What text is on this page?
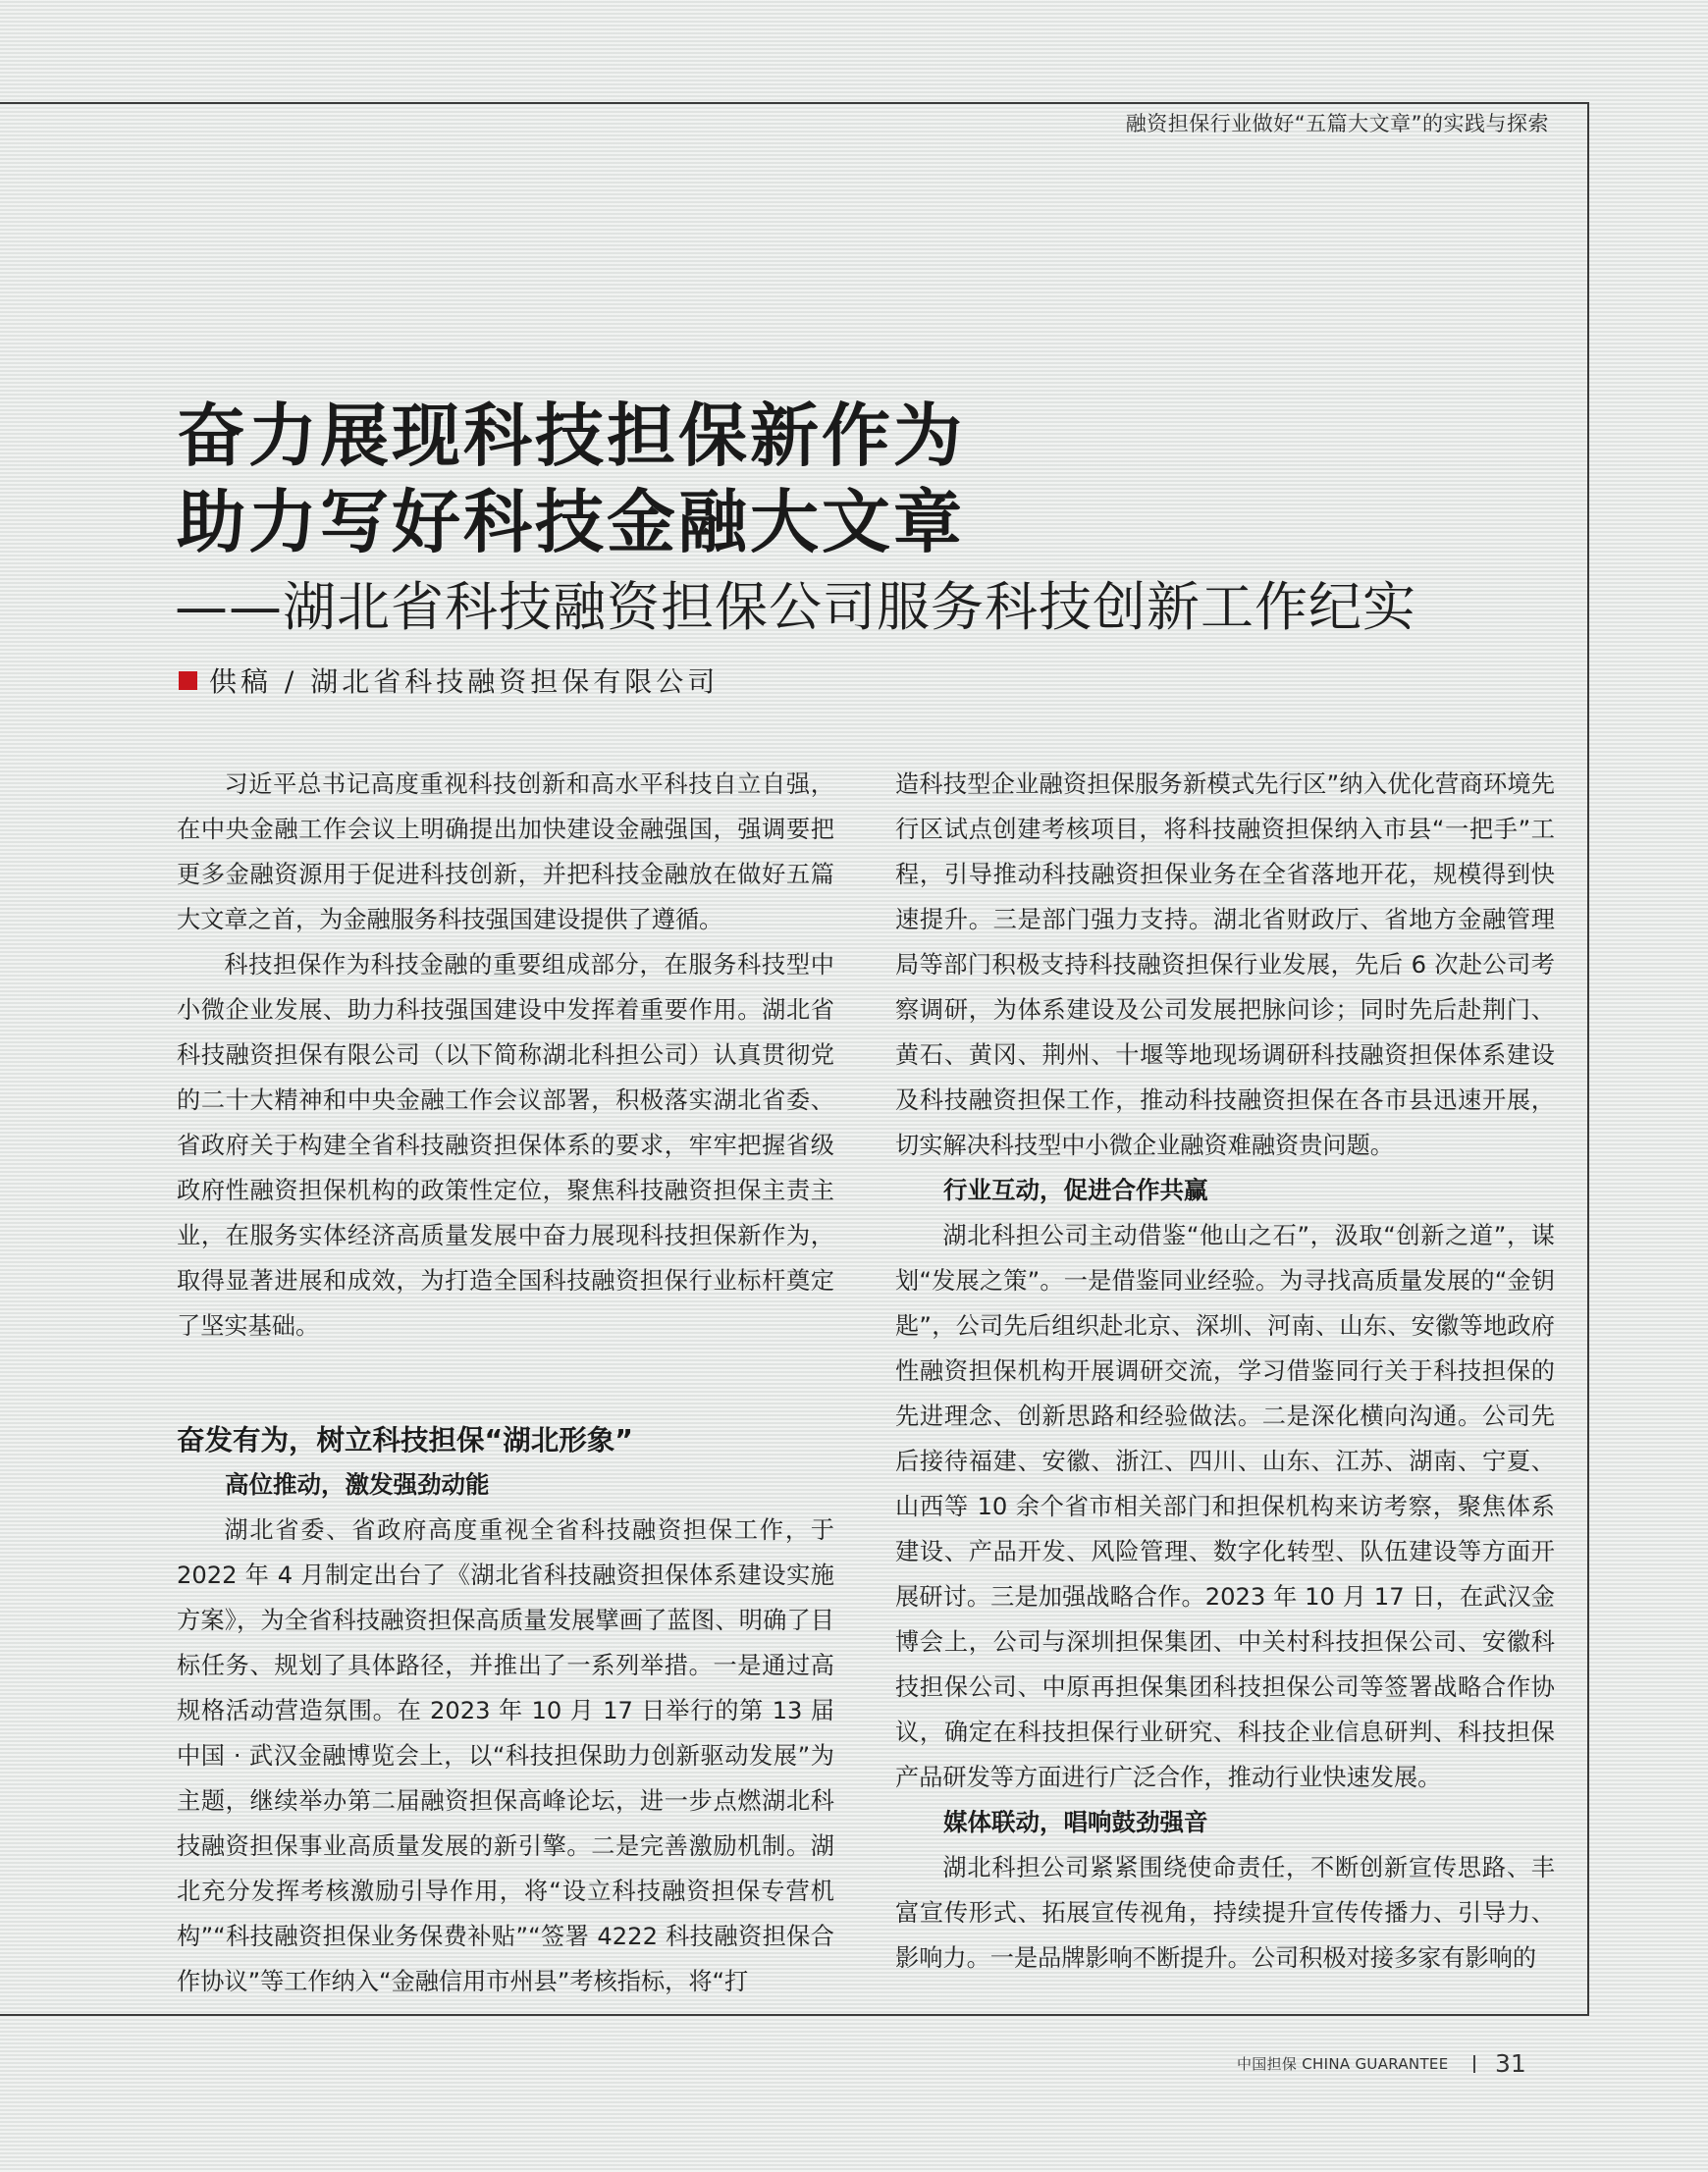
融资担保行业做好“五篇大文章”的实践与探索
奋力展现科技担保新作为
助力写好科技金融大文章
——湖北省科技融资担保公司服务科技创新工作纪实
供稿 / 湖北省科技融资担保有限公司

习近平总书记高度重视科技创新和高水平科技自立自强，在中央金融工作会议上明确提出加快建设金融强国，强调要把更多金融资源用于促进科技创新，并把科技金融放在做好五篇大文章之首，为金融服务科技强国建设提供了遵循。

科技担保作为科技金融的重要组成部分，在服务科技型中小微企业发展、助力科技强国建设中发挥着重要作用。湖北省科技融资担保有限公司（以下简称湖北科担公司）认真贯彻党的二十大精神和中央金融工作会议部署，积极落实湖北省委、省政府关于构建全省科技融资担保体系的要求，牢牢把握省级政府性融资担保机构的政策性定位，聚焦科技融资担保主责主业，在服务实体经济高质量发展中奋力展现科技担保新作为，取得显著进展和成效，为打造全国科技融资担保行业标杆奠定了坚实基础。

奋发有为，树立科技担保“湖北形象”
高位推动，激发强劲动能

湖北省委、省政府高度重视全省科技融资担保工作，于2022 年 4 月制定出台了《湖北省科技融资担保体系建设实施方案》，为全省科技融资担保高质量发展擘画了蓝图、明确了目标任务、规划了具体路径，并推出了一系列举措。一是通过高规格活动营造氛围。在 2023 年 10 月 17 日举行的第 13 届中国 · 武汉金融博览会上，以“科技担保助力创新驱动发展”为主题，继续举办第二届融资担保高峰论坛，进一步点燃湖北科技融资担保事业高质量发展的新引擎。二是完善激励机制。湖北充分发挥考核激励引导作用，将“设立科技融资担保专营机构”“科技融资担保业务保费补贴”“签署 4222 科技融资担保合作协议”等工作纳入“金融信用市州县”考核指标，将“打

造科技型企业融资担保服务新模式先行区”纳入优化营商环境先行区试点创建考核项目，将科技融资担保纳入市县“一把手”工程，引导推动科技融资担保业务在全省落地开花，规模得到快速提升。三是部门强力支持。湖北省财政厅、省地方金融管理局等部门积极支持科技融资担保行业发展，先后 6 次赴公司考察调研，为体系建设及公司发展把脉问诊；同时先后赴荆门、黄石、黄冈、荆州、十堰等地现场调研科技融资担保体系建设及科技融资担保工作，推动科技融资担保在各市县迅速开展，切实解决科技型中小微企业融资难融资贵问题。

行业互动，促进合作共赢

湖北科担公司主动借鉴“他山之石”，汲取“创新之道”，谋划“发展之策”。一是借鉴同业经验。为寻找高质量发展的“金钥匙”，公司先后组织赴北京、深圳、河南、山东、安徽等地政府性融资担保机构开展调研交流，学习借鉴同行关于科技担保的先进理念、创新思路和经验做法。二是深化横向沟通。公司先后接待福建、安徽、浙江、四川、山东、江苏、湖南、宁夏、山西等 10 余个省市相关部门和担保机构来访考察，聚焦体系建设、产品开发、风险管理、数字化转型、队伍建设等方面开展研讨。三是加强战略合作。2023 年 10 月 17 日，在武汉金博会上，公司与深圳担保集团、中关村科技担保公司、安徽科技担保公司、中原再担保集团科技担保公司等签署战略合作协议，确定在科技担保行业研究、科技企业信息研判、科技担保产品研发等方面进行广泛合作，推动行业快速发展。

媒体联动，唱响鼓劲强音

湖北科担公司紧紧围绕使命责任，不断创新宣传思路、丰富宣传形式、拓展宣传视角，持续提升宣传传播力、引导力、影响力。一是品牌影响不断提升。公司积极对接多家有影响的

中国担保 CHINA GUARANTEE 31
